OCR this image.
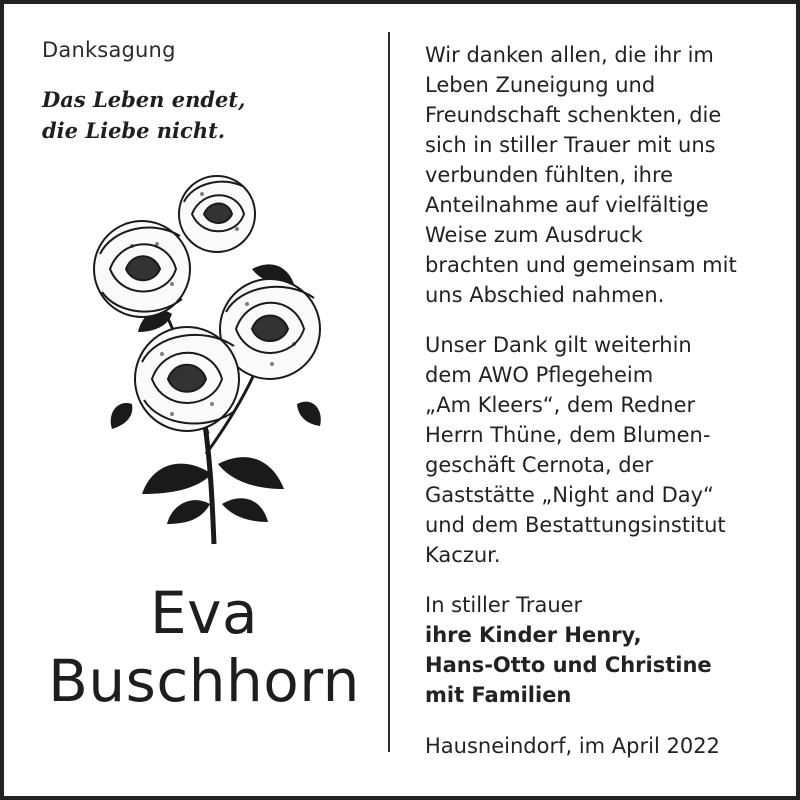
Danksagung
Das Leben endet,
die Liebe nicht.
Eva
Buschhorn

Wir danken allen, die ihr im
Leben Zuneigung und
Freundschaft schenkten, die
sich in stiller Trauer mit uns
verbunden fühlten, ihre
Anteilnahme auf vielfältige
Weise zum Ausdruck
brachten und gemeinsam mit
uns Abschied nahmen.

Unser Dank gilt weiterhin
dem AWO Pflegeheim
„Am Kleers“, dem Redner
Herrn Thüne, dem Blumen-
geschäft Cernota, der
Gaststätte „Night and Day“
und dem Bestattungsinstitut
Kaczur.

In stiller Trauer
ihre Kinder Henry,
Hans-Otto und Christine
mit Familien

Hausneindorf, im April 2022
